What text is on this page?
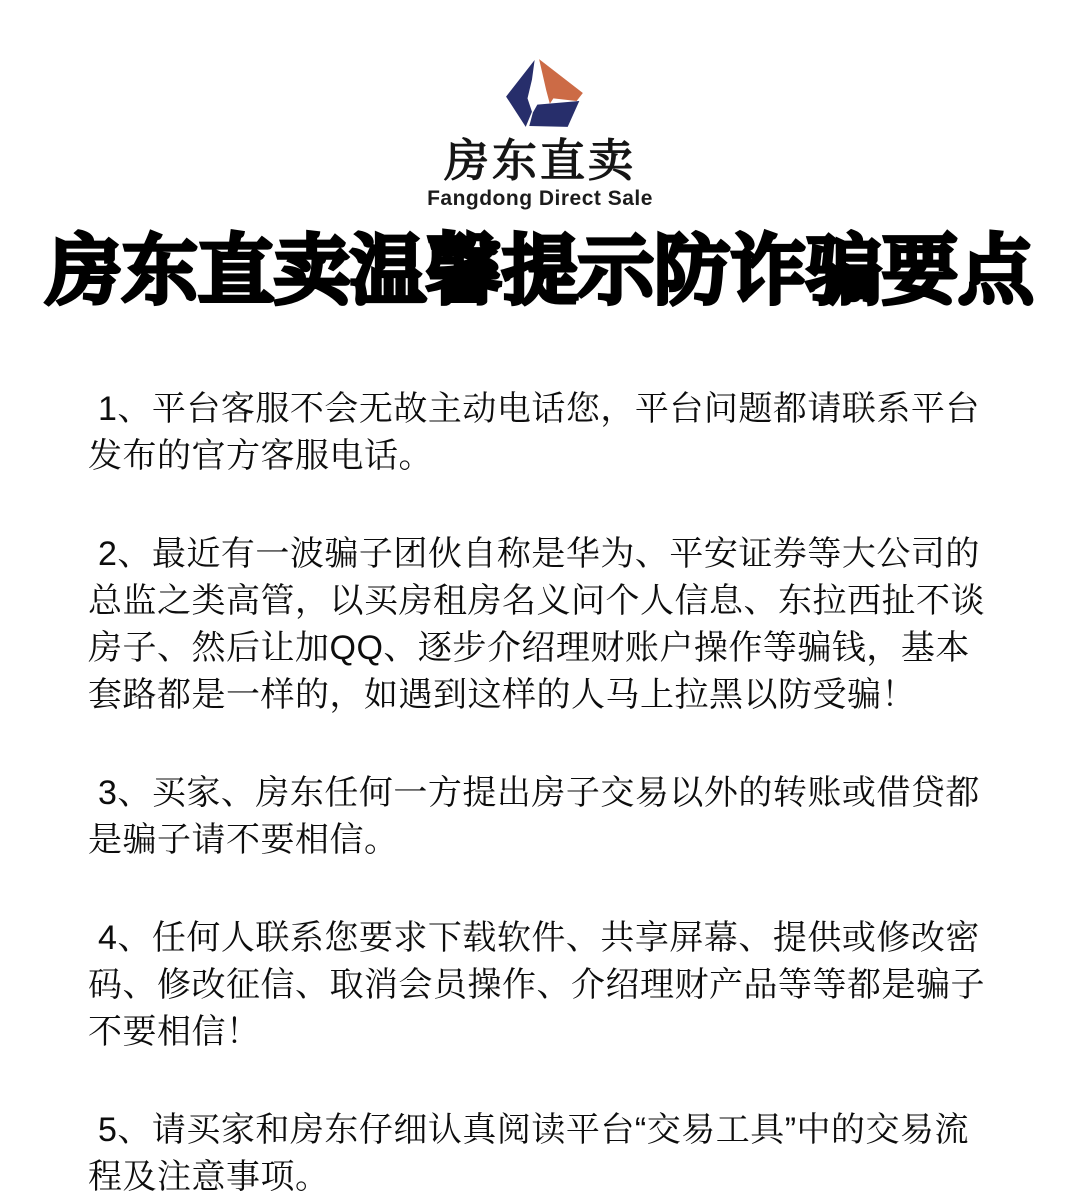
房东直卖
Fangdong Direct Sale
房东直卖温馨提示防诈骗要点

1、平台客服不会无故主动电话您，平台问题都请联系平台发布的官方客服电话。

2、最近有一波骗子团伙自称是华为、平安证券等大公司的总监之类高管，以买房租房名义问个人信息、东拉西扯不谈房子、然后让加QQ、逐步介绍理财账户操作等骗钱，基本套路都是一样的，如遇到这样的人马上拉黑以防受骗！

3、买家、房东任何一方提出房子交易以外的转账或借贷都是骗子请不要相信。

4、任何人联系您要求下载软件、共享屏幕、提供或修改密码、修改征信、取消会员操作、介绍理财产品等等都是骗子不要相信！

5、请买家和房东仔细认真阅读平台“交易工具”中的交易流程及注意事项。
